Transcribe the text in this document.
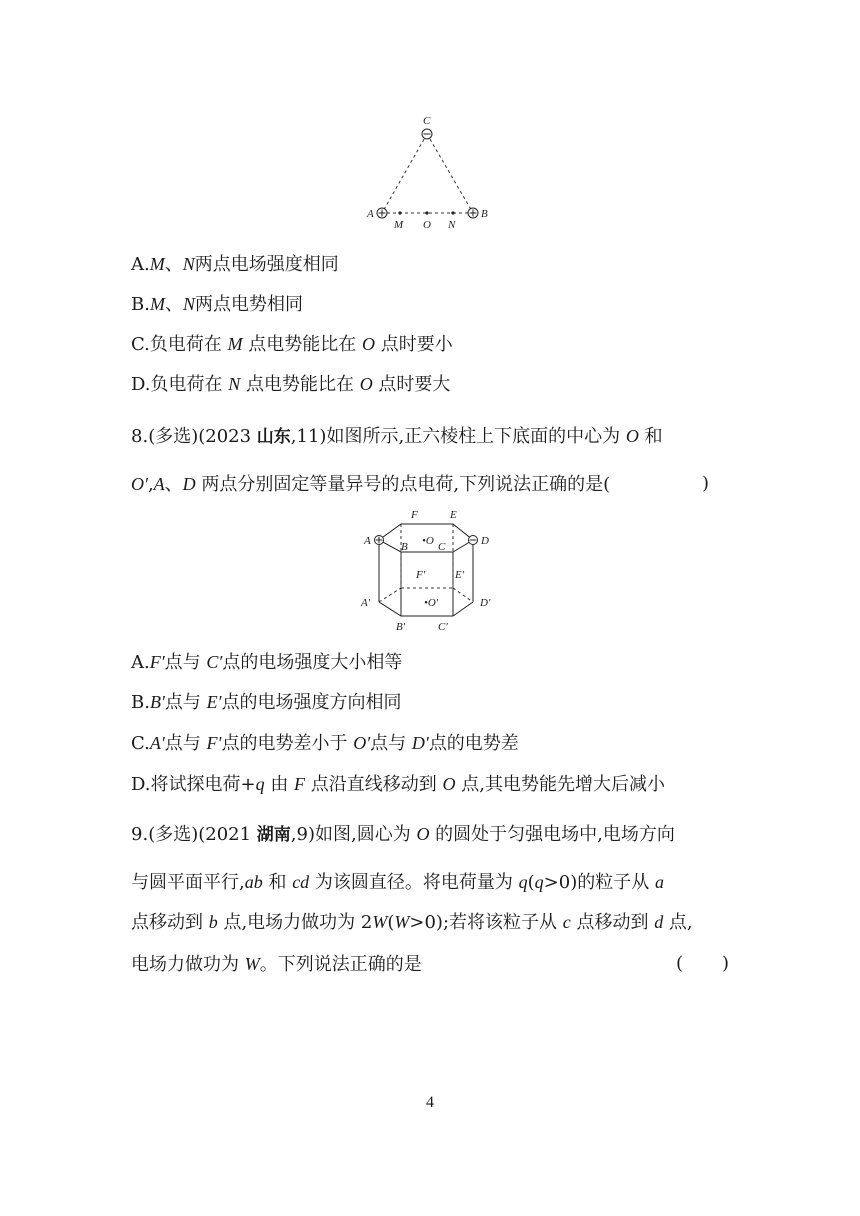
C
A	B
M O N
A.M、N两点电场强度相同
B.M、N两点电势相同
C.负电荷在 M 点电势能比在 O 点时要小
D.负电荷在 N 点电势能比在 O 点时要大
8.(多选)(2023 山东,11)如图所示,正六棱柱上下底面的中心为 O 和
O′,A、D 两点分别固定等量异号的点电荷,下列说法正确的是(	)
F	E
A	D
B	C
•O
F′	E′
A′	D′
•O′
B′	C′
A.F′点与 C′点的电场强度大小相等
B.B′点与 E′点的电场强度方向相同
C.A′点与 F′点的电势差小于 O′点与 D′点的电势差
D.将试探电荷+q 由 F 点沿直线移动到 O 点,其电势能先增大后减小
9.(多选)(2021 湖南,9)如图,圆心为 O 的圆处于匀强电场中,电场方向
与圆平面平行,ab 和 cd 为该圆直径。将电荷量为 q(q>0)的粒子从 a
点移动到 b 点,电场力做功为 2W(W>0);若将该粒子从 c 点移动到 d 点,
电场力做功为 W。下列说法正确的是	( )
4
